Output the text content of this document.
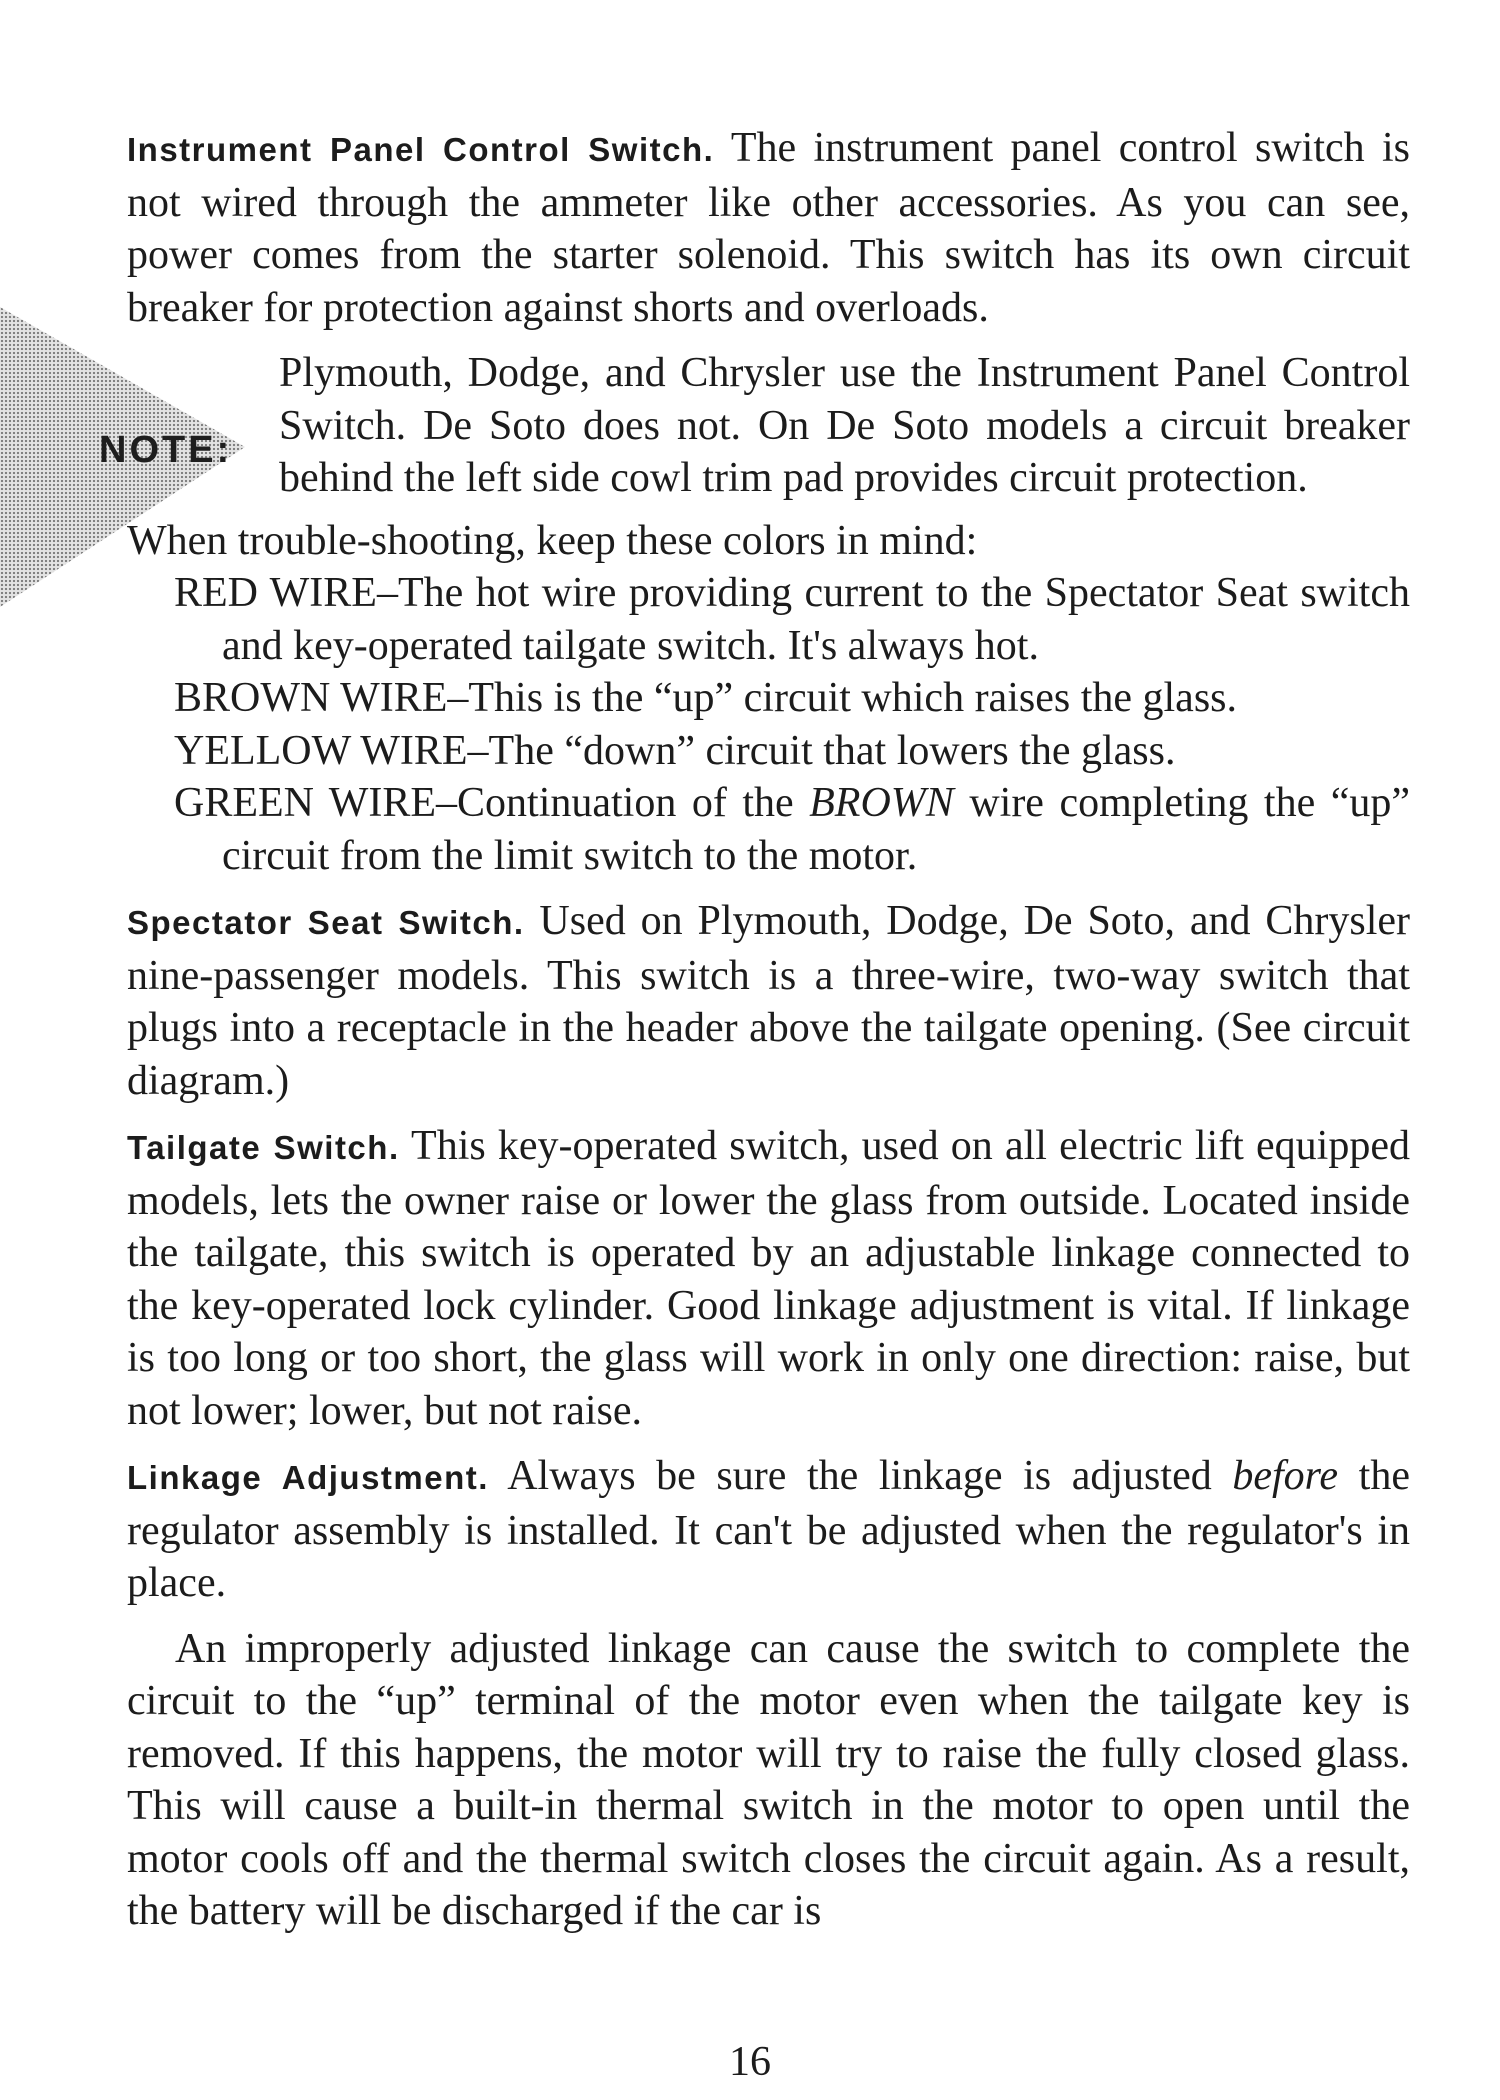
Instrument Panel Control Switch. The instrument panel control switch is not wired through the ammeter like other accessories. As you can see, power comes from the starter solenoid. This switch has its own circuit breaker for protection against shorts and overloads.

NOTE:

Plymouth, Dodge, and Chrysler use the Instrument Panel Control Switch. De Soto does not. On De Soto models a circuit breaker behind the left side cowl trim pad provides circuit protection.

When trouble-shooting, keep these colors in mind:

RED WIRE–The hot wire providing current to the Spectator Seat switch and key-operated tailgate switch. It's always hot.

BROWN WIRE–This is the “up” circuit which raises the glass.

YELLOW WIRE–The “down” circuit that lowers the glass.

GREEN WIRE–Continuation of the BROWN wire completing the “up” circuit from the limit switch to the motor.

Spectator Seat Switch. Used on Plymouth, Dodge, De Soto, and Chrysler nine-passenger models. This switch is a three-wire, two-way switch that plugs into a receptacle in the header above the tailgate opening. (See circuit diagram.)

Tailgate Switch. This key-operated switch, used on all electric lift equipped models, lets the owner raise or lower the glass from outside. Located inside the tailgate, this switch is operated by an adjustable linkage connected to the key-operated lock cylinder. Good linkage adjustment is vital. If linkage is too long or too short, the glass will work in only one direction: raise, but not lower; lower, but not raise.

Linkage Adjustment. Always be sure the linkage is adjusted before the regulator assembly is installed. It can't be adjusted when the regulator's in place.

An improperly adjusted linkage can cause the switch to complete the circuit to the “up” terminal of the motor even when the tailgate key is removed. If this happens, the motor will try to raise the fully closed glass. This will cause a built-in thermal switch in the motor to open until the motor cools off and the thermal switch closes the circuit again. As a result, the battery will be discharged if the car is

16
